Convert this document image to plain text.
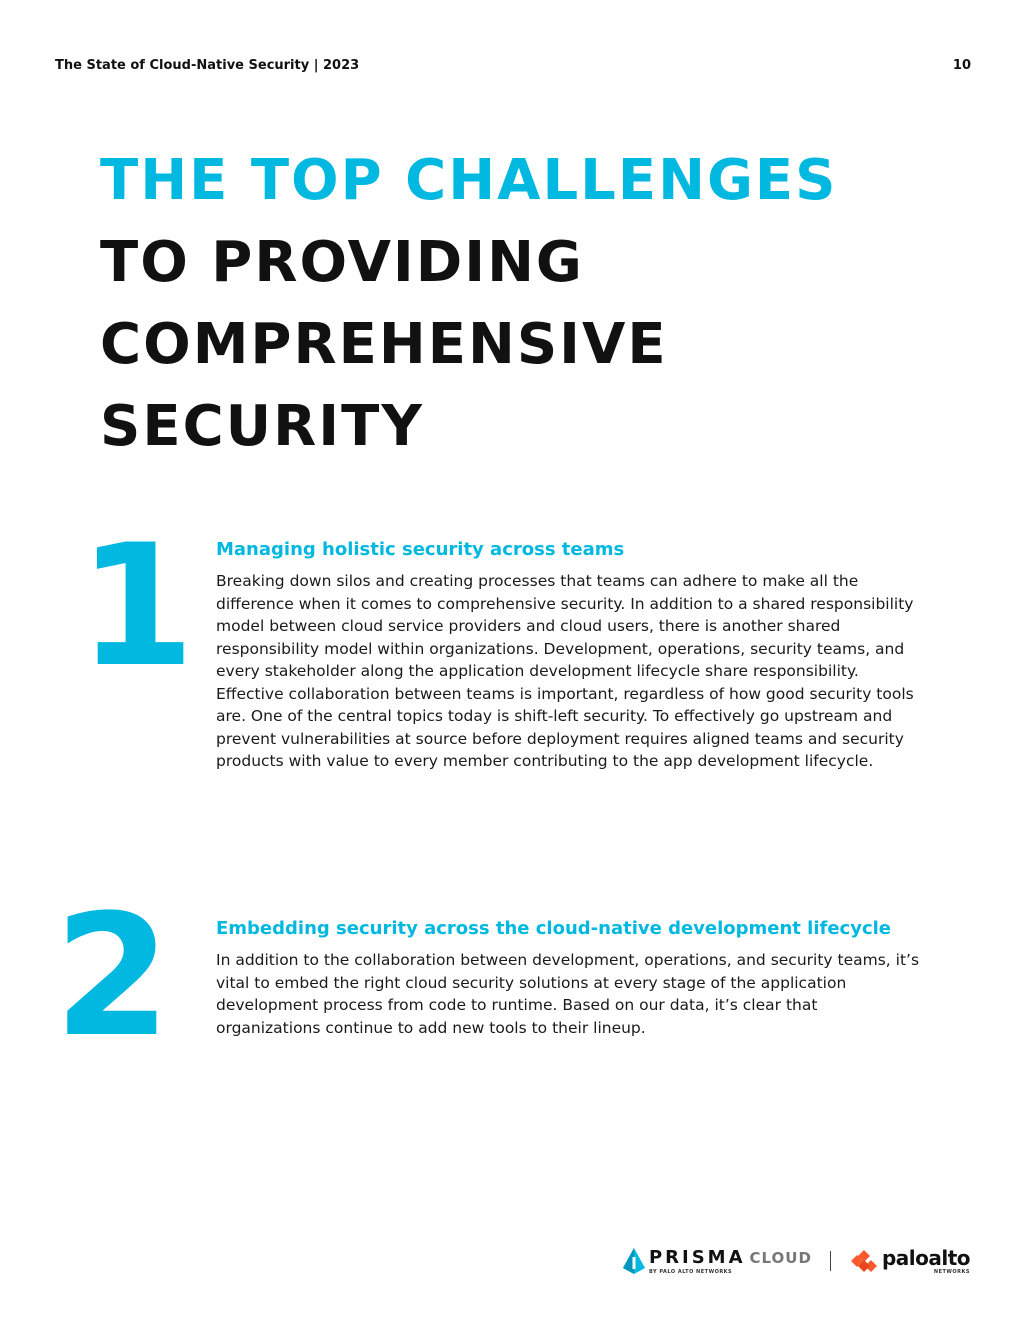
The State of Cloud-Native Security | 2023	10
THE TOP CHALLENGES
TO PROVIDING
COMPREHENSIVE
SECURITY
1 Managing holistic security across teams

Breaking down silos and creating processes that teams can adhere to make all the difference when it comes to comprehensive security. In addition to a shared responsibility model between cloud service providers and cloud users, there is another shared responsibility model within organizations. Development, operations, security teams, and every stakeholder along the application development lifecycle share responsibility. Effective collaboration between teams is important, regardless of how good security tools are. One of the central topics today is shift-left security. To effectively go upstream and prevent vulnerabilities at source before deployment requires aligned teams and security products with value to every member contributing to the app development lifecycle.

2	Embedding security across the cloud-native development lifecycle

In addition to the collaboration between development, operations, and security teams, it’s vital to embed the right cloud security solutions at every stage of the application development process from code to runtime. Based on our data, it’s clear that organizations continue to add new tools to their lineup.

PRISMA CLOUD
BY PALO ALTO NETWORKS
paloalto
NETWORKS
